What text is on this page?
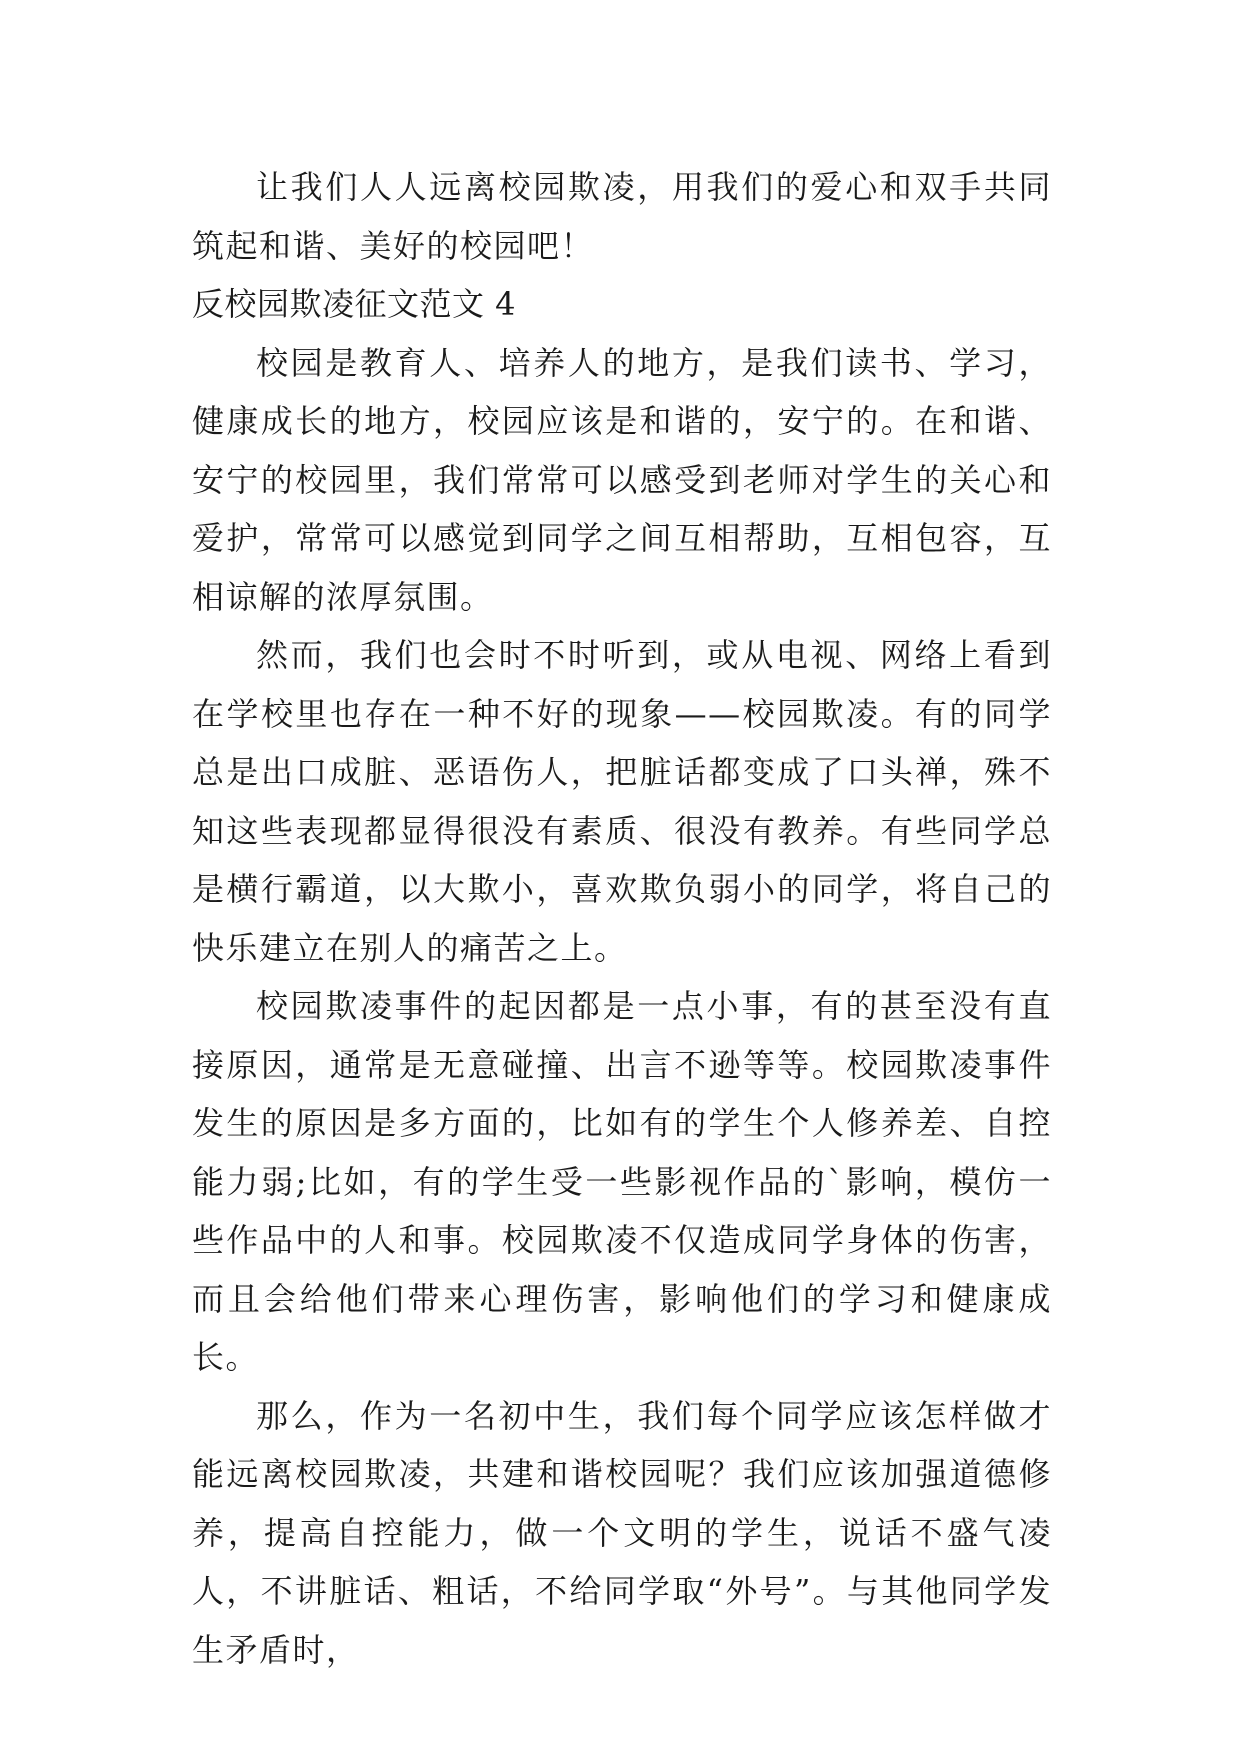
让我们人人远离校园欺凌，用我们的爱心和双手共同筑起和谐、美好的校园吧！

反校园欺凌征文范文 4

校园是教育人、培养人的地方，是我们读书、学习，健康成长的地方，校园应该是和谐的，安宁的。在和谐、安宁的校园里，我们常常可以感受到老师对学生的关心和爱护，常常可以感觉到同学之间互相帮助，互相包容，互相谅解的浓厚氛围。

然而，我们也会时不时听到，或从电视、网络上看到在学校里也存在一种不好的现象——校园欺凌。有的同学总是出口成脏、恶语伤人，把脏话都变成了口头禅，殊不知这些表现都显得很没有素质、很没有教养。有些同学总是横行霸道，以大欺小，喜欢欺负弱小的同学，将自己的快乐建立在别人的痛苦之上。

校园欺凌事件的起因都是一点小事，有的甚至没有直接原因，通常是无意碰撞、出言不逊等等。校园欺凌事件发生的原因是多方面的，比如有的学生个人修养差、自控能力弱;比如，有的学生受一些影视作品的`影响，模仿一些作品中的人和事。校园欺凌不仅造成同学身体的伤害，而且会给他们带来心理伤害，影响他们的学习和健康成长。

那么，作为一名初中生，我们每个同学应该怎样做才能远离校园欺凌，共建和谐校园呢？我们应该加强道德修养，提高自控能力，做一个文明的学生，说话不盛气凌人，不讲脏话、粗话，不给同学取“外号”。与其他同学发生矛盾时，
